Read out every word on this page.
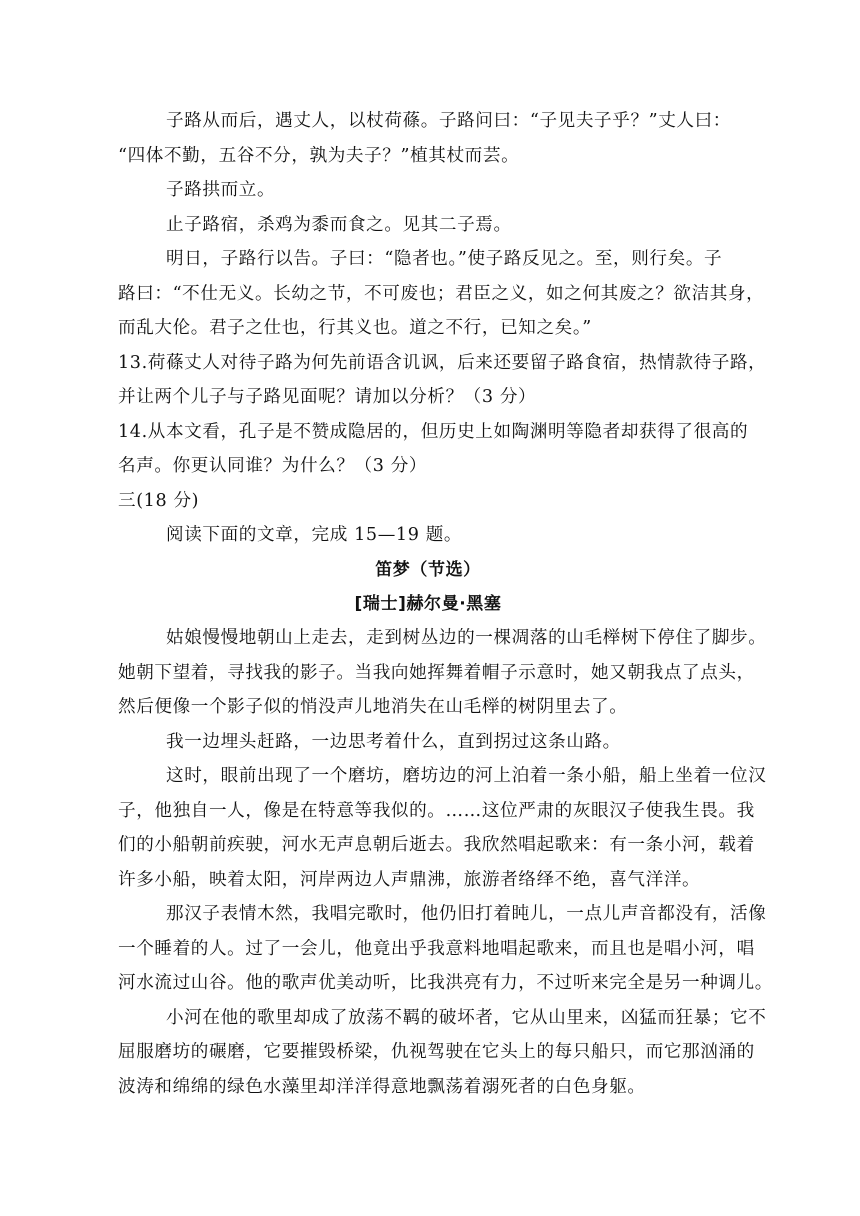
子路从而后，遇丈人，以杖荷蓧。子路问曰：“子见夫子乎？”丈人曰：

“四体不勤，五谷不分，孰为夫子？”植其杖而芸。

子路拱而立。

止子路宿，杀鸡为黍而食之。见其二子焉。

明日，子路行以告。子曰：“隐者也。”使子路反见之。至，则行矣。子

路曰：“不仕无义。长幼之节，不可废也；君臣之义，如之何其废之？欲洁其身，

而乱大伦。君子之仕也，行其义也。道之不行，已知之矣。”

13.荷蓧丈人对待子路为何先前语含讥讽，后来还要留子路食宿，热情款待子路，

并让两个儿子与子路见面呢？请加以分析？（3 分）

14.从本文看，孔子是不赞成隐居的，但历史上如陶渊明等隐者却获得了很高的

名声。你更认同谁？为什么？（3 分）

三(18 分)

阅读下面的文章，完成 15—19 题。

笛梦（节选）

[瑞士]赫尔曼·黑塞

姑娘慢慢地朝山上走去，走到树丛边的一棵凋落的山毛榉树下停住了脚步。

她朝下望着，寻找我的影子。当我向她挥舞着帽子示意时，她又朝我点了点头，

然后便像一个影子似的悄没声儿地消失在山毛榉的树阴里去了。

我一边埋头赶路，一边思考着什么，直到拐过这条山路。

这时，眼前出现了一个磨坊，磨坊边的河上泊着一条小船，船上坐着一位汉

子，他独自一人，像是在特意等我似的。……这位严肃的灰眼汉子使我生畏。我

们的小船朝前疾驶，河水无声息朝后逝去。我欣然唱起歌来：有一条小河，载着

许多小船，映着太阳，河岸两边人声鼎沸，旅游者络绎不绝，喜气洋洋。

那汉子表情木然，我唱完歌时，他仍旧打着盹儿，一点儿声音都没有，活像

一个睡着的人。过了一会儿，他竟出乎我意料地唱起歌来，而且也是唱小河，唱

河水流过山谷。他的歌声优美动听，比我洪亮有力，不过听来完全是另一种调儿。

小河在他的歌里却成了放荡不羁的破坏者，它从山里来，凶猛而狂暴；它不

屈服磨坊的碾磨，它要摧毁桥梁，仇视驾驶在它头上的每只船只，而它那汹涌的

波涛和绵绵的绿色水藻里却洋洋得意地飘荡着溺死者的白色身躯。
